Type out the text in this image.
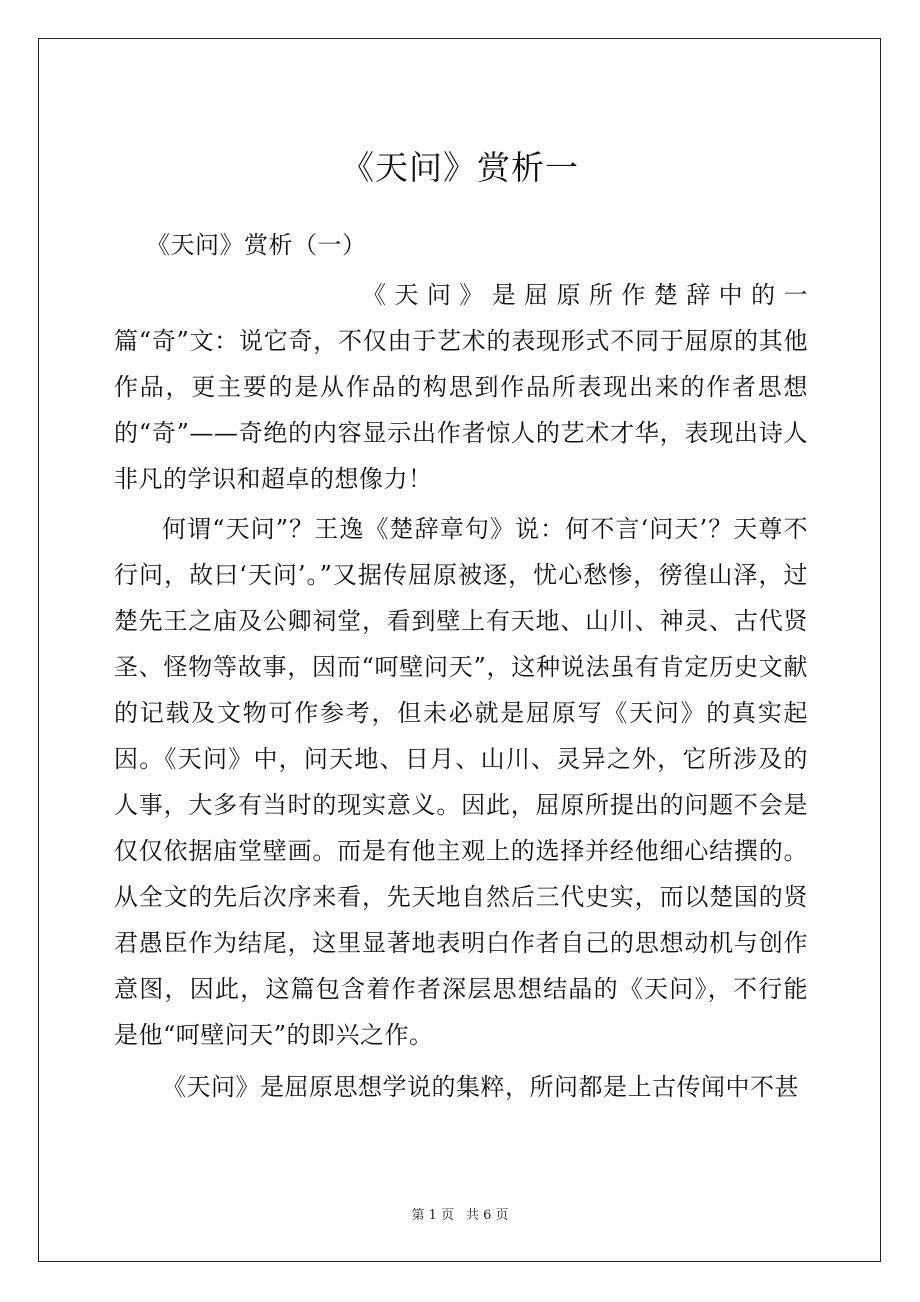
《天问》赏析一

《天问》赏析（一）

《天问》是屈原所作楚辞中的一篇“奇”文：说它奇，不仅由于艺术的表现形式不同于屈原的其他作品，更主要的是从作品的构思到作品所表现出来的作者思想的“奇”——奇绝的内容显示出作者惊人的艺术才华，表现出诗人非凡的学识和超卓的想像力！

何谓“天问”？王逸《楚辞章句》说：何不言‘问天’？天尊不行问，故曰‘天问’。”又据传屈原被逐，忧心愁惨，徬徨山泽，过楚先王之庙及公卿祠堂，看到壁上有天地、山川、神灵、古代贤圣、怪物等故事，因而“呵壁问天”，这种说法虽有肯定历史文献的记载及文物可作参考，但未必就是屈原写《天问》的真实起因。《天问》中，问天地、日月、山川、灵异之外，它所涉及的人事，大多有当时的现实意义。因此，屈原所提出的问题不会是仅仅依据庙堂壁画。而是有他主观上的选择并经他细心结撰的。从全文的先后次序来看，先天地自然后三代史实，而以楚国的贤君愚臣作为结尾，这里显著地表明白作者自己的思想动机与创作意图，因此，这篇包含着作者深层思想结晶的《天问》，不行能是他“呵壁问天”的即兴之作。

《天问》是屈原思想学说的集粹，所问都是上古传闻中不甚

第 1 页 共 6 页
